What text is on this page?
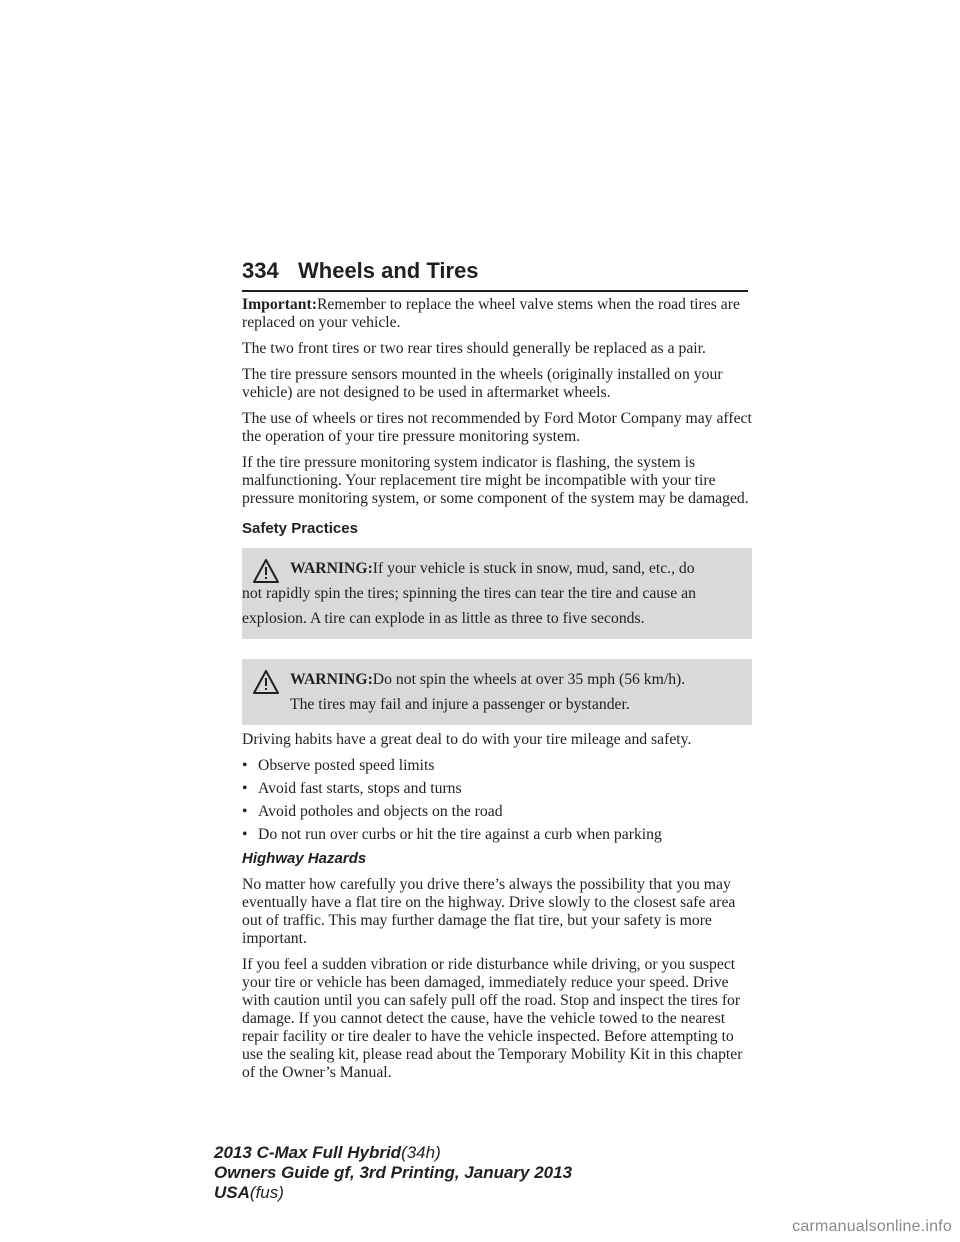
334 Wheels and Tires

Important:Remember to replace the wheel valve stems when the road tires are replaced on your vehicle.

The two front tires or two rear tires should generally be replaced as a pair.

The tire pressure sensors mounted in the wheels (originally installed on your vehicle) are not designed to be used in aftermarket wheels.

The use of wheels or tires not recommended by Ford Motor Company may affect the operation of your tire pressure monitoring system.

If the tire pressure monitoring system indicator is flashing, the system is malfunctioning. Your replacement tire might be incompatible with your tire pressure monitoring system, or some component of the system may be damaged.

Safety Practices
WARNING:If your vehicle is stuck in snow, mud, sand, etc., do
not rapidly spin the tires; spinning the tires can tear the tire and cause an explosion. A tire can explode in as little as three to five seconds.
WARNING:Do not spin the wheels at over 35 mph (56 km/h).
The tires may fail and injure a passenger or bystander.

Driving habits have a great deal to do with your tire mileage and safety.

• Observe posted speed limits
• Avoid fast starts, stops and turns
• Avoid potholes and objects on the road
• Do not run over curbs or hit the tire against a curb when parking
Highway Hazards

No matter how carefully you drive there’s always the possibility that you may eventually have a flat tire on the highway. Drive slowly to the closest safe area out of traffic. This may further damage the flat tire, but your safety is more important.

If you feel a sudden vibration or ride disturbance while driving, or you suspect your tire or vehicle has been damaged, immediately reduce your speed. Drive with caution until you can safely pull off the road. Stop and inspect the tires for damage. If you cannot detect the cause, have the vehicle towed to the nearest repair facility or tire dealer to have the vehicle inspected. Before attempting to use the sealing kit, please read about the Temporary Mobility Kit in this chapter of the Owner’s Manual.

2013 C-Max Full Hybrid(34h)
Owners Guide gf, 3rd Printing, January 2013
USA(fus)
carmanualsonline.info
